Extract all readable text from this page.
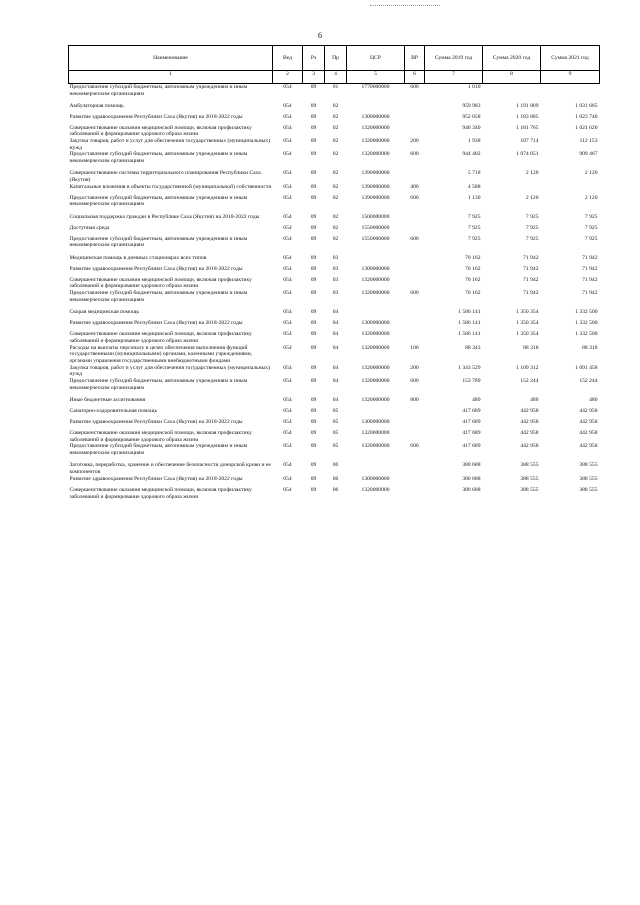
6
Наименование	Вед	Рз	Пр	ЦСР	ВР	Сумма 2019 год	Сумма 2020 год	Сумма 2021 год
1	2	3	4	5	6	7	8	9
Предоставление субсидий бюджетным, автономным учреждениям и иным некоммерческим организациям	054	09	01	1770000000	600	1 010		
Амбулаторная помощь	054	09	02			959 983	1 191 809	1 031 665
Развитие здравоохранения Республики Саха (Якутия) на 2018-2022 годы	054	09	02	1300000000		952 058	1 183 885	1 023 740
Совершенствование оказания медицинской помощи, включая профилактику заболеваний и формирование здорового образа жизни	054	09	02	1320000000		946 340	1 181 765	1 021 620
Закупка товаров, работ и услуг для обеспечения государственных (муниципальных) нужд	054	09	02	1320000000	200	1 938	107 714	112 153
Предоставление субсидий бюджетным, автономным учреждениям и иным некоммерческим организациям	054	09	02	1320000000	600	944 402	1 074 051	909 467
Совершенствование системы территориального планирования Республики Саха (Якутия)	054	09	02	1390000000		5 718	2 120	2 120
Капитальные вложения в объекты государственной (муниципальной) собственности	054	09	02	1390000000	400	4 588		
Предоставление субсидий бюджетным, автономным учреждениям и иным некоммерческим организациям	054	09	02	1390000000	600	1 130	2 120	2 120
Социальная поддержка граждан в Республике Саха (Якутия) на 2018-2022 годы	054	09	02	1500000000		7 925	7 925	7 925
Доступная среда	054	09	02	1550000000		7 925	7 925	7 925
Предоставление субсидий бюджетным, автономным учреждениям и иным некоммерческим организациям	054	09	02	1550000000	600	7 925	7 925	7 925
Медицинская помощь в дневных стационарах всех типов	054	09	03			70 162	71 942	71 942
Развитие здравоохранения Республики Саха (Якутия) на 2018-2022 годы	054	09	03	1300000000		70 162	71 942	71 942
Совершенствование оказания медицинской помощи, включая профилактику заболеваний и формирование здорового образа жизни	054	09	03	1320000000		70 162	71 942	71 942
Предоставление субсидий бюджетным, автономным учреждениям и иным некоммерческим организациям	054	09	03	1320000000	600	70 162	71 942	71 942
Скорая медицинская помощь	054	09	04			1 586 141	1 350 354	1 332 500
Развитие здравоохранения Республики Саха (Якутия) на 2018-2022 годы	054	09	04	1300000000		1 586 141	1 350 354	1 332 500
Совершенствование оказания медицинской помощи, включая профилактику заболеваний и формирование здорового образа жизни	054	09	04	1320000000		1 586 141	1 350 354	1 332 500
Расходы на выплаты персоналу в целях обеспечения выполнения функций государственными (муниципальными) органами, казенными учреждениями, органами управления государственными внебюджетными фондами	054	09	04	1320000000	100	88 343	88 318	88 318
Закупка товаров, работ и услуг для обеспечения государственных (муниципальных) нужд	054	09	04	1320000000	200	1 343 529	1 109 312	1 091 458
Предоставление субсидий бюджетным, автономным учреждениям и иным некоммерческим организациям	054	09	04	1320000000	600	153 789	152 244	152 244
Иные бюджетные ассигнования	054	09	04	1320000000	800	480	480	480
Санаторно-оздоровительная помощь	054	09	05			417 689	442 958	442 958
Развитие здравоохранения Республики Саха (Якутия) на 2018-2022 годы	054	09	05	1300000000		417 689	442 958	442 958
Совершенствование оказания медицинской помощи, включая профилактику заболеваний и формирование здорового образа жизни	054	09	05	1320000000		417 689	442 958	442 958
Предоставление субсидий бюджетным, автономным учреждениям и иным некоммерческим организациям	054	09	05	1320000000	600	417 689	442 958	442 958
Заготовка, переработка, хранение и обеспечение безопасности донорской крови и ее компонентов	054	09	06			380 688	388 555	388 555
Развитие здравоохранения Республики Саха (Якутия) на 2018-2022 годы	054	09	06	1300000000		380 688	388 555	388 555
Совершенствование оказания медицинской помощи, включая профилактику заболеваний и формирование здорового образа жизни	054	09	06	1320000000		380 688	388 555	388 555
